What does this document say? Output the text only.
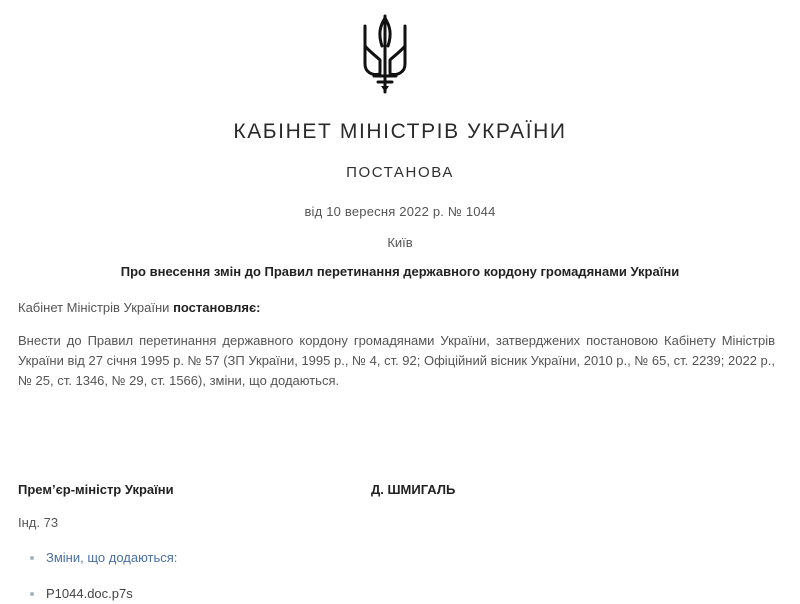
КАБІНЕТ МІНІСТРІВ УКРАЇНИ
ПОСТАНОВА
від 10 вересня 2022 р. № 1044
Київ
Про внесення змін до Правил перетинання державного кордону громадянами України
Кабінет Міністрів України постановляє:
Внести до Правил перетинання державного кордону громадянами України, затверджених постановою Кабінету Міністрів України від 27 січня 1995 р. № 57 (ЗП України, 1995 р., № 4, ст. 92; Офіційний вісник України, 2010 р., № 65, ст. 2239; 2022 р., № 25, ст. 1346, № 29, ст. 1566), зміни, що додаються.
Прем’єр-міністр України	Д. ШМИГАЛЬ
Інд. 73
Зміни, що додаються:
P1044.doc.p7s
